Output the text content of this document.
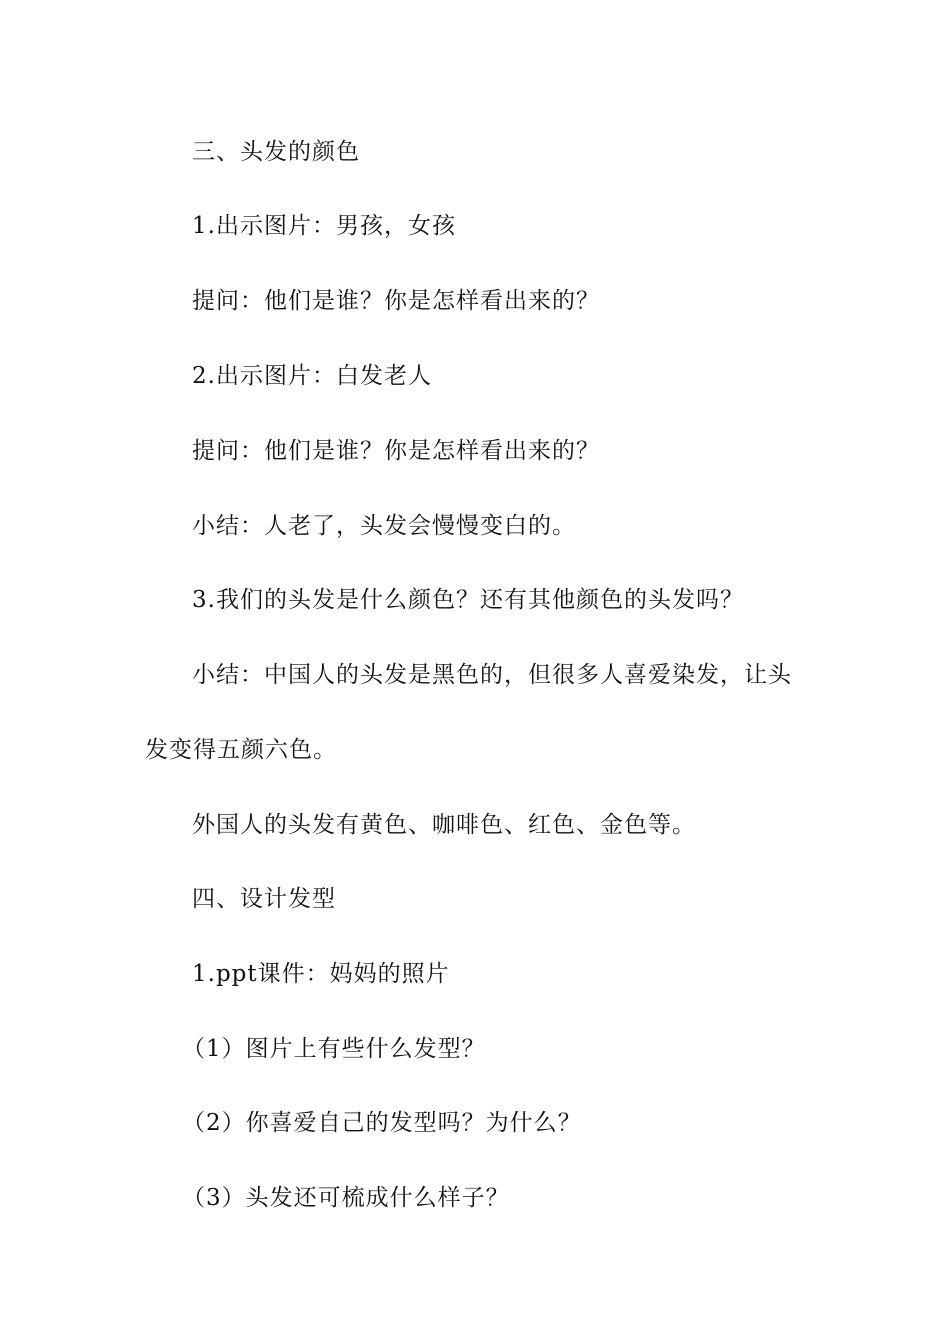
三、头发的颜色
1.出示图片：男孩，女孩
提问：他们是谁？你是怎样看出来的？
2.出示图片：白发老人
提问：他们是谁？你是怎样看出来的？
小结：人老了，头发会慢慢变白的。
3.我们的头发是什么颜色？还有其他颜色的头发吗？
小结：中国人的头发是黑色的，但很多人喜爱染发，让头
发变得五颜六色。
外国人的头发有黄色、咖啡色、红色、金色等。
四、设计发型
1.ppt课件：妈妈的照片
（1）图片上有些什么发型？
（2）你喜爱自己的发型吗？为什么？
（3）头发还可梳成什么样子？
